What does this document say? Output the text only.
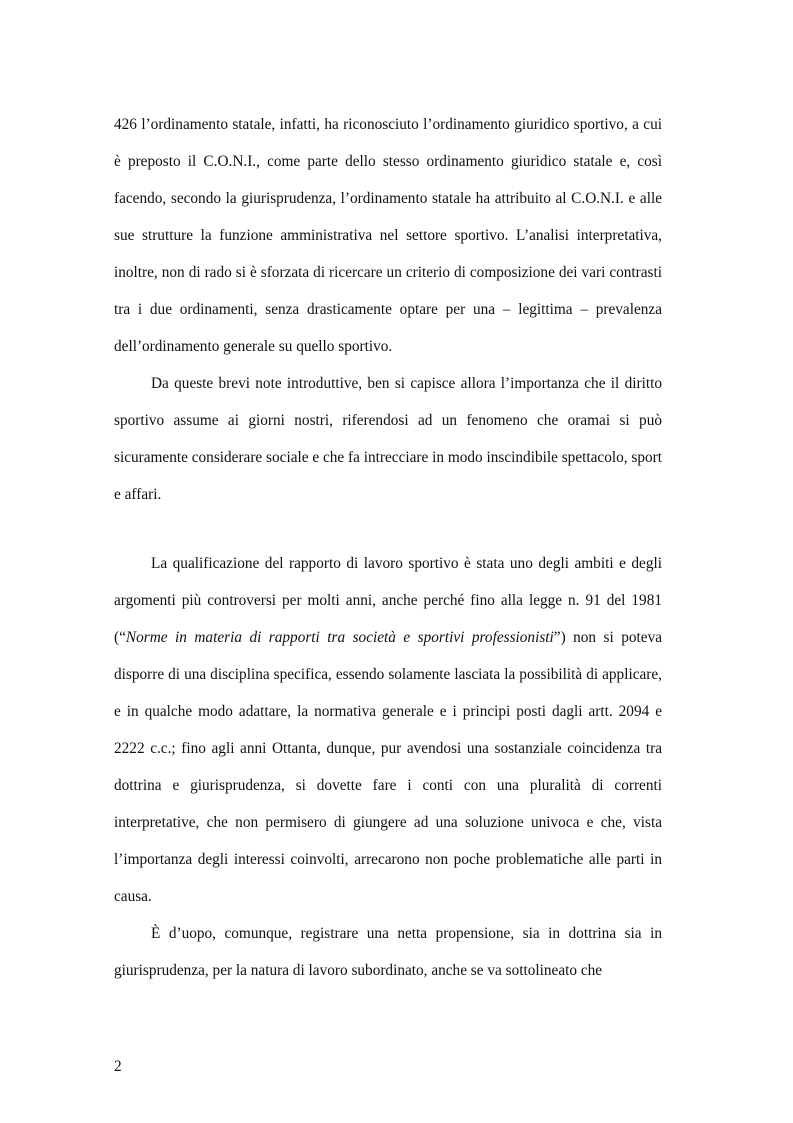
426 l’ordinamento statale, infatti, ha riconosciuto l’ordinamento giuridico sportivo, a cui è preposto il C.O.N.I., come parte dello stesso ordinamento giuridico statale e, così facendo, secondo la giurisprudenza, l’ordinamento statale ha attribuito al C.O.N.I. e alle sue strutture la funzione amministrativa nel settore sportivo. L’analisi interpretativa, inoltre, non di rado si è sforzata di ricercare un criterio di composizione dei vari contrasti tra i due ordinamenti, senza drasticamente optare per una – legittima – prevalenza dell’ordinamento generale su quello sportivo.

Da queste brevi note introduttive, ben si capisce allora l’importanza che il diritto sportivo assume ai giorni nostri, riferendosi ad un fenomeno che oramai si può sicuramente considerare sociale e che fa intrecciare in modo inscindibile spettacolo, sport e affari.

La qualificazione del rapporto di lavoro sportivo è stata uno degli ambiti e degli argomenti più controversi per molti anni, anche perché fino alla legge n. 91 del 1981 (“Norme in materia di rapporti tra società e sportivi professionisti”) non si poteva disporre di una disciplina specifica, essendo solamente lasciata la possibilità di applicare, e in qualche modo adattare, la normativa generale e i principi posti dagli artt. 2094 e 2222 c.c.; fino agli anni Ottanta, dunque, pur avendosi una sostanziale coincidenza tra dottrina e giurisprudenza, si dovette fare i conti con una pluralità di correnti interpretative, che non permisero di giungere ad una soluzione univoca e che, vista l’importanza degli interessi coinvolti, arrecarono non poche problematiche alle parti in causa.

È d’uopo, comunque, registrare una netta propensione, sia in dottrina sia in giurisprudenza, per la natura di lavoro subordinato, anche se va sottolineato che

2
